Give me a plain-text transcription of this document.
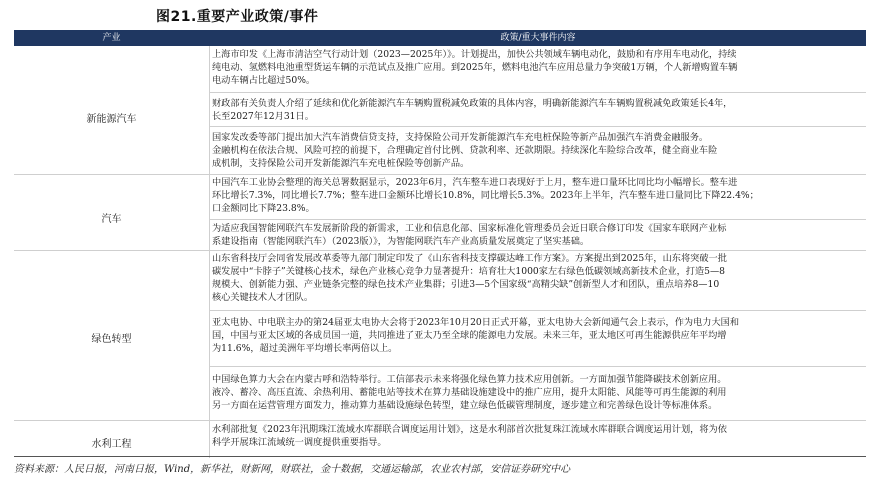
图21.重要产业政策/事件
产业	政策/重大事件内容
新能源汽车
汽车
绿色转型
水利工程
上海市印发《上海市清洁空气行动计划（2023—2025年）》。计划提出，加快公共领域车辆电动化，鼓励和有序用车电动化，持续
纯电动、氢燃料电池重型货运车辆的示范试点及推广应用。到2025年，燃料电池汽车应用总量力争突破1万辆，个人新增购置车辆
电动车辆占比超过50%。
财政部有关负责人介绍了延续和优化新能源汽车车辆购置税减免政策的具体内容，明确新能源汽车车辆购置税减免政策延长4年，
长至2027年12月31日。
国家发改委等部门提出加大汽车消费信贷支持，支持保险公司开发新能源汽车充电桩保险等新产品加强汽车消费金融服务。
金融机构在依法合规、风险可控的前提下，合理确定首付比例、贷款利率、还款期限。持续深化车险综合改革，健全商业车险
成机制，支持保险公司开发新能源汽车充电桩保险等创新产品。
中国汽车工业协会整理的海关总署数据显示，2023年6月，汽车整车进口表现好于上月，整车进口量环比同比均小幅增长。整车进
环比增长7.3%，同比增长7.7%；整车进口金额环比增长10.8%，同比增长5.3%。2023年上半年，汽车整车进口量同比下降22.4%；
口金额同比下降23.8%。
为适应我国智能网联汽车发展新阶段的新需求，工业和信息化部、国家标准化管理委员会近日联合修订印发《国家车联网产业标
系建设指南（智能网联汽车）（2023版）》，为智能网联汽车产业高质量发展奠定了坚实基础。
山东省科技厅会同省发展改革委等九部门制定印发了《山东省科技支撑碳达峰工作方案》。方案提出到2025年，山东将突破一批
碳发展中“卡脖子”关键核心技术，绿色产业核心竞争力显著提升：培育壮大1000家左右绿色低碳领域高新技术企业，打造5—8
规模大、创新能力强、产业链条完整的绿色技术产业集群；引进3—5个国家级“高精尖缺”创新型人才和团队，重点培养8—10
核心关键技术人才团队。
亚太电协、中电联主办的第24届亚太电协大会将于2023年10月20日正式开幕，亚太电协大会新闻通气会上表示，作为电力大国和
国，中国与亚太区域的各成员国一道，共同推进了亚太乃至全球的能源电力发展。未来三年，亚太地区可再生能源供应年平均增
为11.6%，超过美洲年平均增长率两倍以上。
中国绿色算力大会在内蒙古呼和浩特举行。工信部表示未来将强化绿色算力技术应用创新。一方面加强节能降碳技术创新应用。
液冷、蓄冷、高压直流、余热利用、蓄能电站等技术在算力基础设施建设中的推广应用，提升太阳能、风能等可再生能源的利用
另一方面在运营管理方面发力，推动算力基础设施绿色转型，建立绿色低碳管理制度，逐步建立和完善绿色设计等标准体系。
水利部批复《2023年汛期珠江流域水库群联合调度运用计划》，这是水利部首次批复珠江流域水库群联合调度运用计划，将为依
科学开展珠江流域统一调度提供重要指导。
资料来源：人民日报，河南日报，Wind，新华社，财新网，财联社，金十数据，交通运输部，农业农村部，安信证券研究中心
